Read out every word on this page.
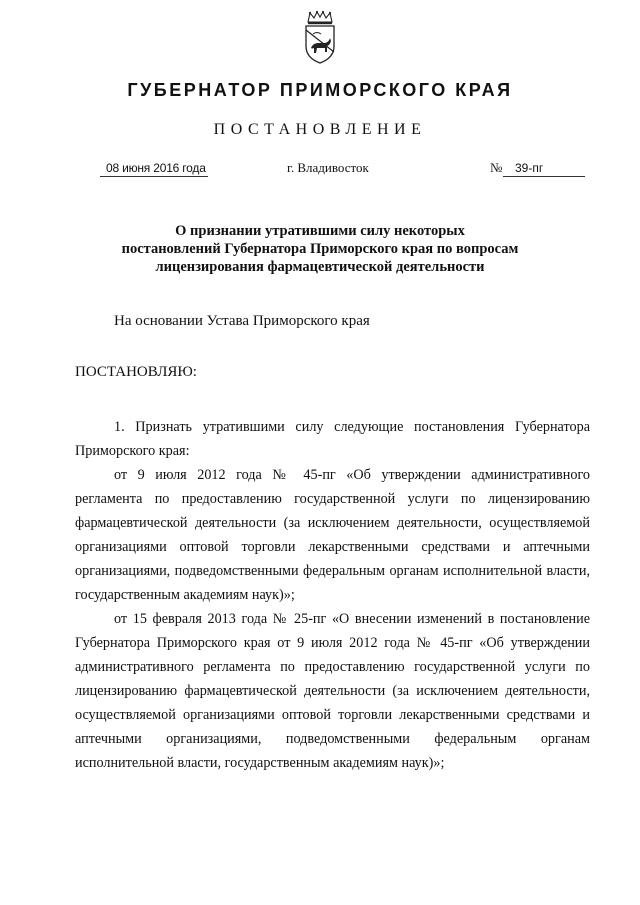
ГУБЕРНАТОР ПРИМОРСКОГО КРАЯ
ПОСТАНОВЛЕНИЕ
08 июня 2016 года	г. Владивосток	№	39-пг
О признании утратившими силу некоторых
постановлений Губернатора Приморского края по вопросам
лицензирования фармацевтической деятельности
На основании Устава Приморского края
ПОСТАНОВЛЯЮ:

1. Признать утратившими силу следующие постановления Губернатора Приморского края:

от 9 июля 2012 года № 45-пг «Об утверждении административного регламента по предоставлению государственной услуги по лицензированию фармацевтической деятельности (за исключением деятельности, осуществляемой организациями оптовой торговли лекарственными средствами и аптечными организациями, подведомственными федеральным органам исполнительной власти, государственным академиям наук)»;

от 15 февраля 2013 года № 25-пг «О внесении изменений в постановление Губернатора Приморского края от 9 июля 2012 года № 45-пг «Об утверждении административного регламента по предоставлению государственной услуги по лицензированию фармацевтической деятельности (за исключением деятельности, осуществляемой организациями оптовой торговли лекарственными средствами и аптечными организациями, подведомственными федеральным органам исполнительной власти, государственным академиям наук)»;
